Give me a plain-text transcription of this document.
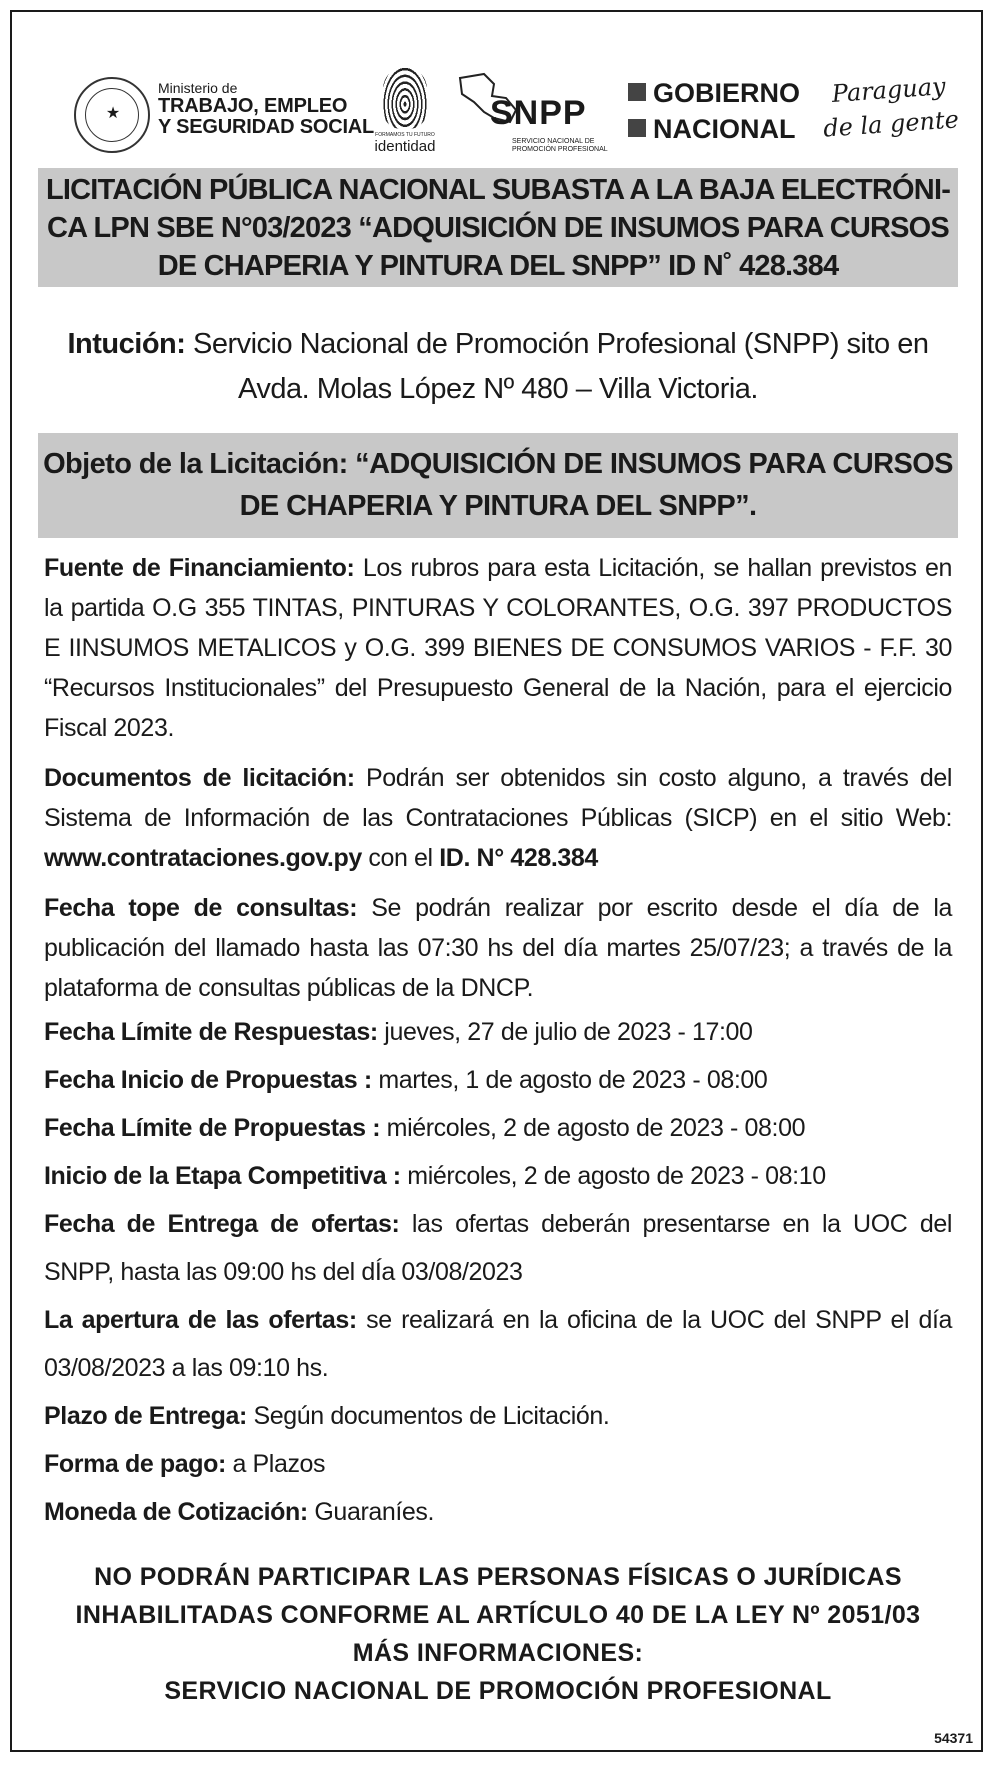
★
Ministerio de
TRABAJO, EMPLEO
Y SEGURIDAD SOCIAL FORMAMOS TU FUTURO
identidad
SNPP
SERVICIO NACIONAL DE PROMOCIÓN PROFESIONAL
GOBIERNO
NACIONAL
Paraguay
de la gente
LICITACIÓN PÚBLICA NACIONAL SUBASTA A LA BAJA ELECTRÓNI-CA LPN SBE N°03/2023 “ADQUISICIÓN DE INSUMOS PARA CURSOS DE CHAPERIA Y PINTURA DEL SNPP” ID N˚ 428.384
Intución: Servicio Nacional de Promoción Profesional (SNPP) sito en Avda. Molas López Nº 480 – Villa Victoria.
Objeto de la Licitación: “ADQUISICIÓN DE INSUMOS PARA CURSOS DE CHAPERIA Y PINTURA DEL SNPP”.

Fuente de Financiamiento: Los rubros para esta Licitación, se hallan previstos en la partida O.G 355 TINTAS, PINTURAS Y COLORANTES, O.G. 397 PRODUCTOS E IINSUMOS METALICOS y O.G. 399 BIENES DE CONSUMOS VARIOS - F.F. 30 “Recursos Institucionales” del Presupuesto General de la Nación, para el ejercicio Fiscal 2023.

Documentos de licitación: Podrán ser obtenidos sin costo alguno, a través del Sistema de Información de las Contrataciones Públicas (SICP) en el sitio Web: www.contrataciones.gov.py con el ID. N° 428.384

Fecha tope de consultas: Se podrán realizar por escrito desde el día de la publicación del llamado hasta las 07:30 hs del día martes 25/07/23; a través de la plataforma de consultas públicas de la DNCP.

Fecha Límite de Respuestas: jueves, 27 de julio de 2023 - 17:00

Fecha Inicio de Propuestas : martes, 1 de agosto de 2023 - 08:00

Fecha Límite de Propuestas : miércoles, 2 de agosto de 2023 - 08:00

Inicio de la Etapa Competitiva : miércoles, 2 de agosto de 2023 - 08:10

Fecha de Entrega de ofertas: las ofertas deberán presentarse en la UOC del SNPP, hasta las 09:00 hs del dÍa 03/08/2023

La apertura de las ofertas: se realizará en la oficina de la UOC del SNPP el día 03/08/2023 a las 09:10 hs.

Plazo de Entrega: Según documentos de Licitación.

Forma de pago: a Plazos

Moneda de Cotización: Guaraníes.

NO PODRÁN PARTICIPAR LAS PERSONAS FÍSICAS O JURÍDICAS
INHABILITADAS CONFORME AL ARTÍCULO 40 DE LA LEY Nº 2051/03
MÁS INFORMACIONES:
SERVICIO NACIONAL DE PROMOCIÓN PROFESIONAL
54371
